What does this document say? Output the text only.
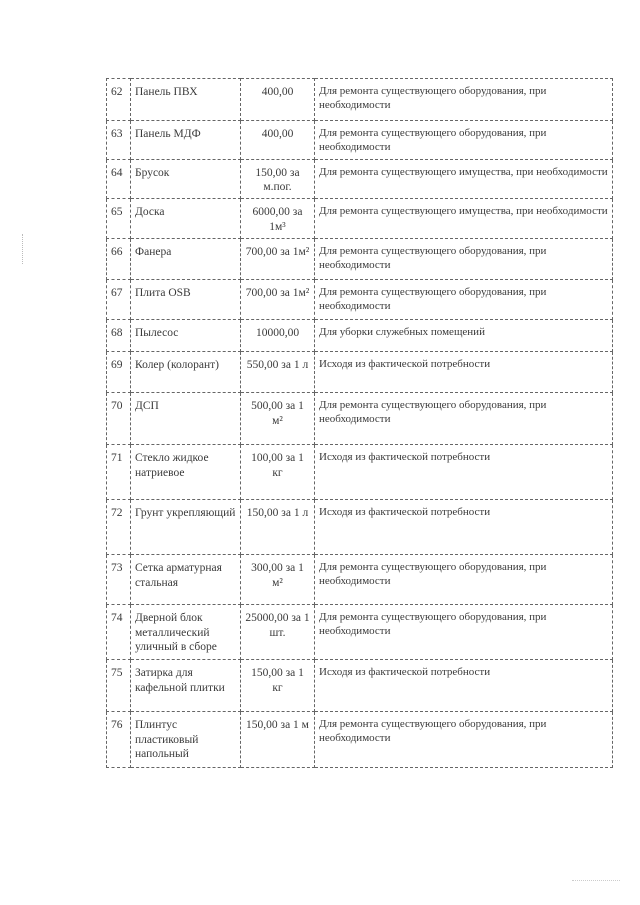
62	Панель ПВХ	400,00	Для ремонта существующего оборудования, при необходимости
63	Панель МДФ	400,00	Для ремонта существующего оборудования, при необходимости
64	Брусок	150,00 за м.пог.	Для ремонта существующего имущества, при необходимости
65	Доска	6000,00 за 1м³	Для ремонта существующего имущества, при необходимости
66	Фанера	700,00 за 1м²	Для ремонта существующего оборудования, при необходимости
67	Плита OSB	700,00 за 1м²	Для ремонта существующего оборудования, при необходимости
68	Пылесос	10000,00	Для уборки служебных помещений
69	Колер (колорант)	550,00 за 1 л	Исходя из фактической потребности
70	ДСП	500,00 за 1 м²	Для ремонта существующего оборудования, при необходимости
71	Стекло жидкое натриевое	100,00 за 1 кг	Исходя из фактической потребности
72	Грунт укрепляющий	150,00 за 1 л	Исходя из фактической потребности
73	Сетка арматурная стальная	300,00 за 1 м²	Для ремонта существующего оборудования, при необходимости
74	Дверной блок металлический уличный в сборе	25000,00 за 1 шт.	Для ремонта существующего оборудования, при необходимости
75	Затирка для кафельной плитки	150,00 за 1 кг	Исходя из фактической потребности
76	Плинтус пластиковый напольный	150,00 за 1 м	Для ремонта существующего оборудования, при необходимости
